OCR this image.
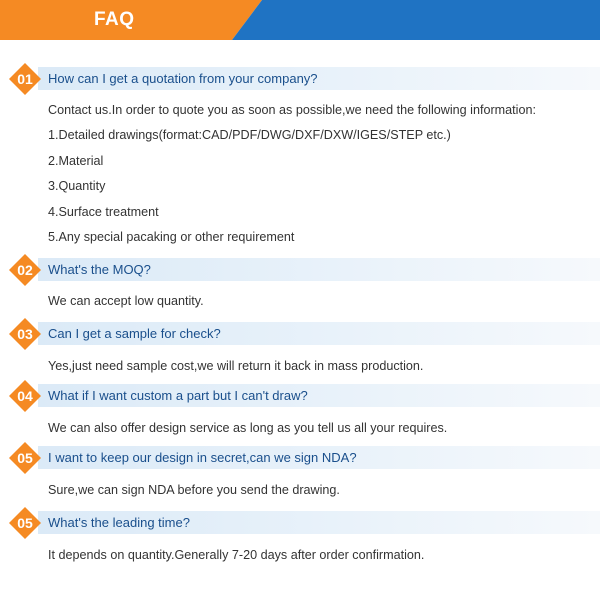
FAQ
01	How can I get a quotation from your company?
Contact us.In order to quote you as soon as possible,we need the following information:
1.Detailed drawings(format:CAD/PDF/DWG/DXF/DXW/IGES/STEP etc.)
2.Material
3.Quantity
4.Surface treatment
5.Any special pacaking or other requirement
02	What's the MOQ?
We can accept low quantity.
03	Can I get a sample for check?
Yes,just need sample cost,we will return it back in mass production.
04	What if I want custom a part but I can't draw?
We can also offer design service as long as you tell us all your requires.
05	I want to keep our design in secret,can we sign NDA?
Sure,we can sign NDA before you send the drawing.
05	What's the leading time?
It depends on quantity.Generally 7-20 days after order confirmation.
